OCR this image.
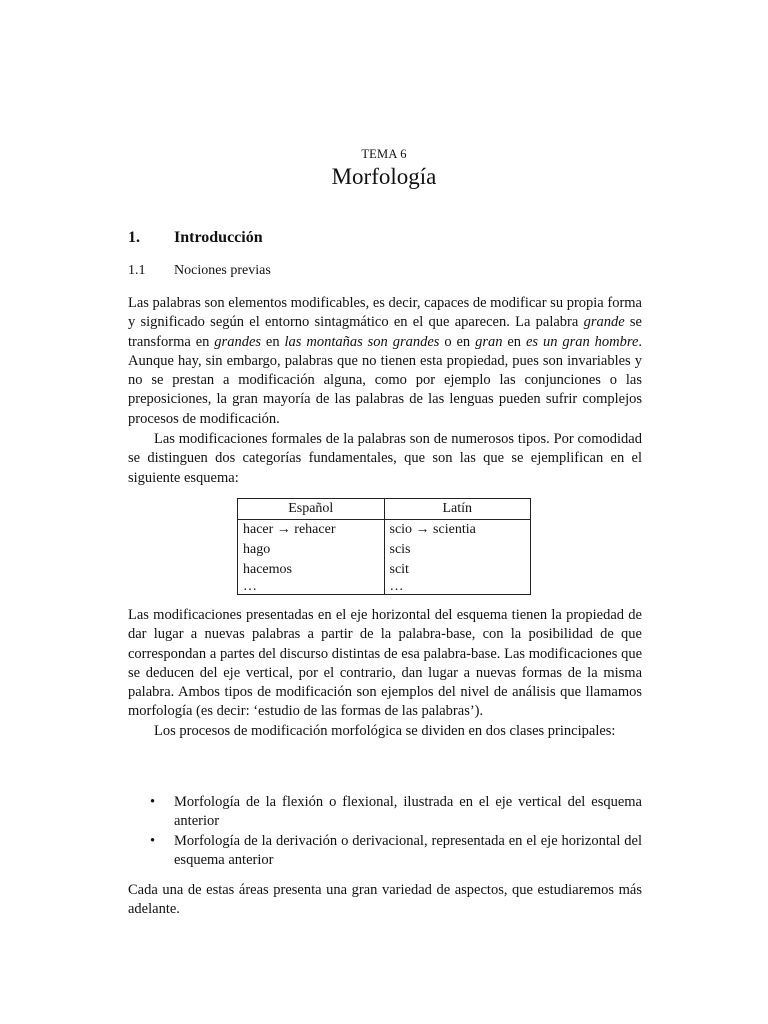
TEMA 6
Morfología
1. Introducción
1.1 Nociones previas

Las palabras son elementos modificables, es decir, capaces de modificar su propia forma y significado según el entorno sintagmático en el que aparecen. La palabra grande se transforma en grandes en las montañas son grandes o en gran en es un gran hombre. Aunque hay, sin embargo, palabras que no tienen esta propiedad, pues son invariables y no se prestan a modificación alguna, como por ejemplo las conjunciones o las preposiciones, la gran mayoría de las palabras de las lenguas pueden sufrir complejos procesos de modificación.

Las modificaciones formales de la palabras son de numerosos tipos. Por comodidad se distinguen dos categorías fundamentales, que son las que se ejemplifican en el siguiente esquema:

Español	Latín
hacer → rehacer	scio → scientia
hago	scis
hacemos	scit
…	…

Las modificaciones presentadas en el eje horizontal del esquema tienen la propiedad de dar lugar a nuevas palabras a partir de la palabra-base, con la posibilidad de que correspondan a partes del discurso distintas de esa palabra-base. Las modificaciones que se deducen del eje vertical, por el contrario, dan lugar a nuevas formas de la misma palabra. Ambos tipos de modificación son ejemplos del nivel de análisis que llamamos morfología (es decir: ‘estudio de las formas de las palabras’).

Los procesos de modificación morfológica se dividen en dos clases principales:

• Morfología de la flexión o flexional, ilustrada en el eje vertical del esquema anterior
• Morfología de la derivación o derivacional, representada en el eje horizontal del esquema anterior

Cada una de estas áreas presenta una gran variedad de aspectos, que estudiaremos más adelante.
